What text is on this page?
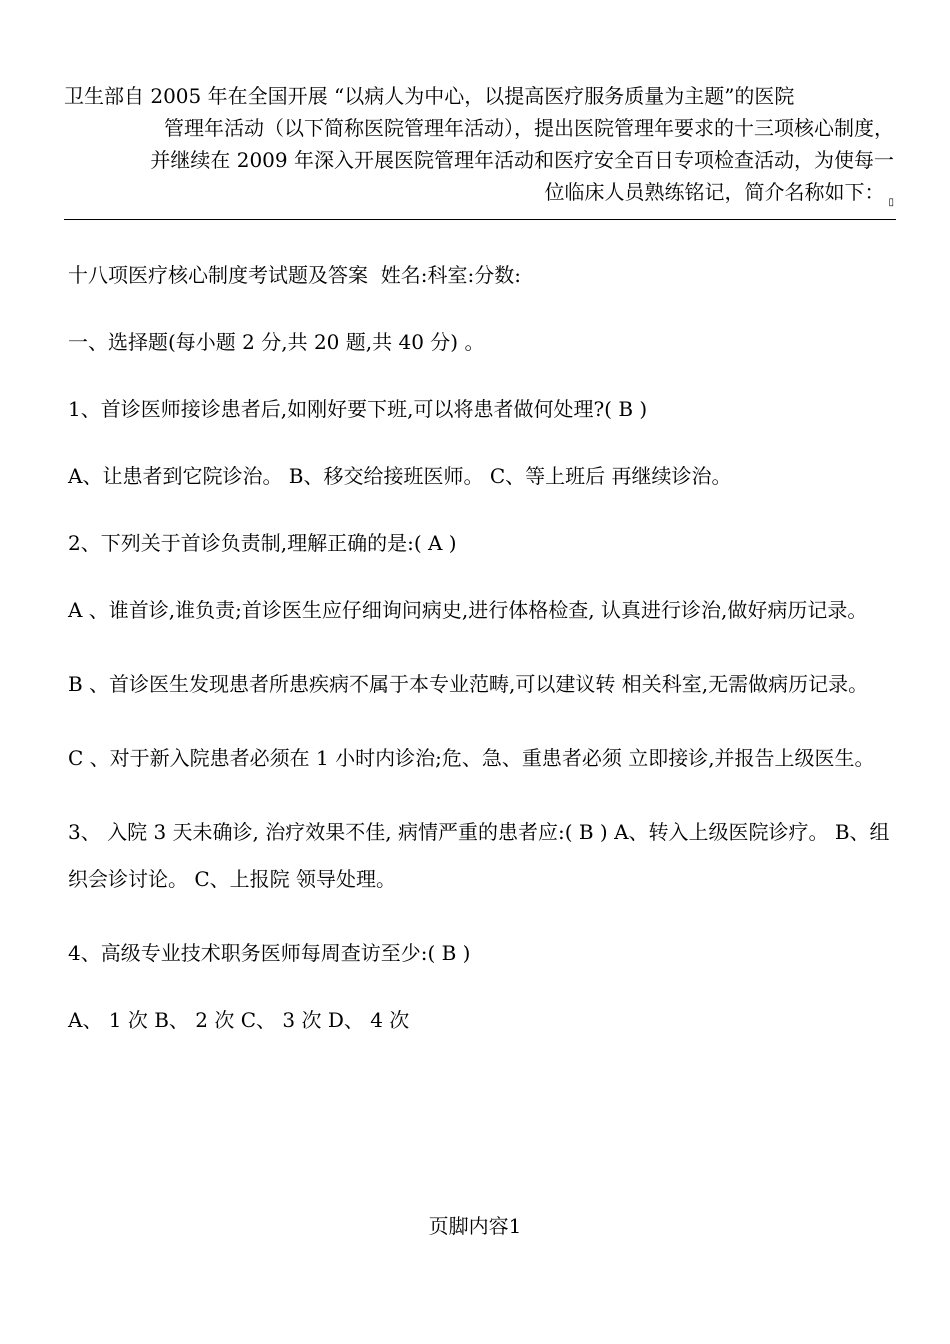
卫生部自 2005 年在全国开展 “以病人为中心，以提高医疗服务质量为主题”的医院
管理年活动（以下简称医院管理年活动），提出医院管理年要求的十三项核心制度，
并继续在 2009 年深入开展医院管理年活动和医疗安全百日专项检查活动，为使每一
位临床人员熟练铭记，简介名称如下： $_▯$

十八项医疗核心制度考试题及答案  姓名:科室:分数:

一、选择题(每小题 2 分,共 20 题,共 40 分) 。

1、首诊医师接诊患者后,如刚好要下班,可以将患者做何处理?( B )

A、让患者到它院诊治。 B、移交给接班医师。 C、等上班后 再继续诊治。

2、下列关于首诊负责制,理解正确的是:( A )

A 、谁首诊,谁负责;首诊医生应仔细询问病史,进行体格检查, 认真进行诊治,做好病历记录。

B 、首诊医生发现患者所患疾病不属于本专业范畴,可以建议转 相关科室,无需做病历记录。

C 、对于新入院患者必须在 1 小时内诊治;危、急、重患者必须 立即接诊,并报告上级医生。

3、 入院 3 天未确诊, 治疗效果不佳, 病情严重的患者应:( B ) A、转入上级医院诊疗。 B、组织会诊讨论。 C、上报院 领导处理。

4、高级专业技术职务医师每周查访至少:( B )

A、 1 次 B、 2 次 C、 3 次 D、 4 次

页脚内容1
